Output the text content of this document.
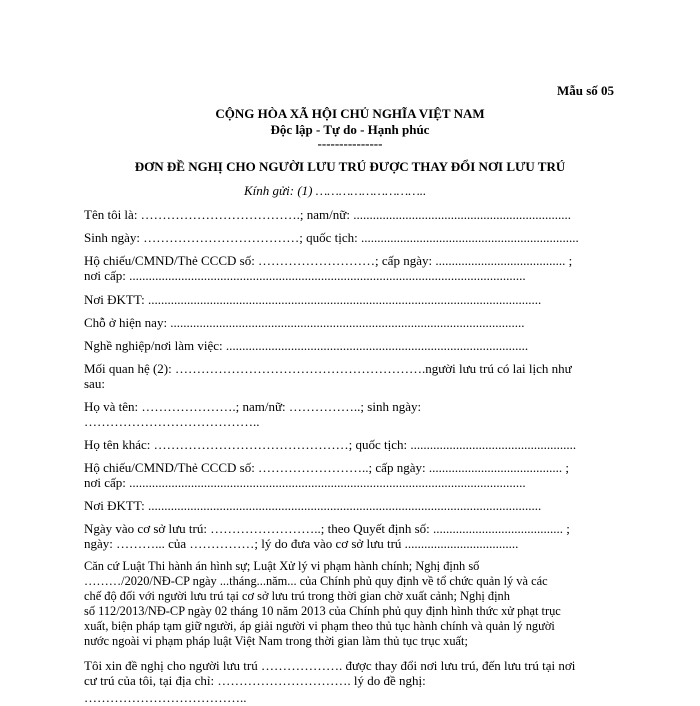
Mẫu số 05
CỘNG HÒA XÃ HỘI CHỦ NGHĨA VIỆT NAM
Độc lập - Tự do - Hạnh phúc
---------------
ĐƠN ĐỀ NGHỊ CHO NGƯỜI LƯU TRÚ ĐƯỢC THAY ĐỔI NƠI LƯU TRÚ
Kính gửi: (1) ………………………..
Tên tôi là: ……………………………….; nam/nữ: ...................................................................
Sinh ngày: ………………………………; quốc tịch: ...................................................................
Hộ chiếu/CMND/Thẻ CCCD số: ………………………; cấp ngày: ........................................ ;
nơi cấp: ..........................................................................................................................
Nơi ĐKTT: .........................................................................................................................
Chỗ ở hiện nay: .............................................................................................................
Nghề nghiệp/nơi làm việc: .............................................................................................
Mối quan hệ (2): ………………………………………………….người lưu trú có lai lịch như
sau:
Họ và tên: ………………….; nam/nữ: ……………..; sinh ngày:
…………………………………..
Họ tên khác: ………………………………………; quốc tịch: ...................................................
Hộ chiếu/CMND/Thẻ CCCD số: ……………………..; cấp ngày: ......................................... ;
nơi cấp: ..........................................................................................................................
Nơi ĐKTT: .........................................................................................................................
Ngày vào cơ sở lưu trú: ……………………..; theo Quyết định số: ........................................ ;
ngày: ………... của ……………; lý do đưa vào cơ sở lưu trú ...................................
Căn cứ Luật Thi hành án hình sự; Luật Xử lý vi phạm hành chính; Nghị định số
………/2020/NĐ-CP ngày ...tháng...năm... của Chính phủ quy định về tổ chức quản lý và các
chế độ đối với người lưu trú tại cơ sở lưu trú trong thời gian chờ xuất cảnh; Nghị định
số 112/2013/NĐ-CP ngày 02 tháng 10 năm 2013 của Chính phủ quy định hình thức xử phạt trục
xuất, biện pháp tạm giữ người, áp giải người vi phạm theo thủ tục hành chính và quản lý người
nước ngoài vi phạm pháp luật Việt Nam trong thời gian làm thủ tục trục xuất;
Tôi xin đề nghị cho người lưu trú ………………. được thay đổi nơi lưu trú, đến lưu trú tại nơi
cư trú của tôi, tại địa chỉ: …………………………. lý do đề nghị:
………………………………..
